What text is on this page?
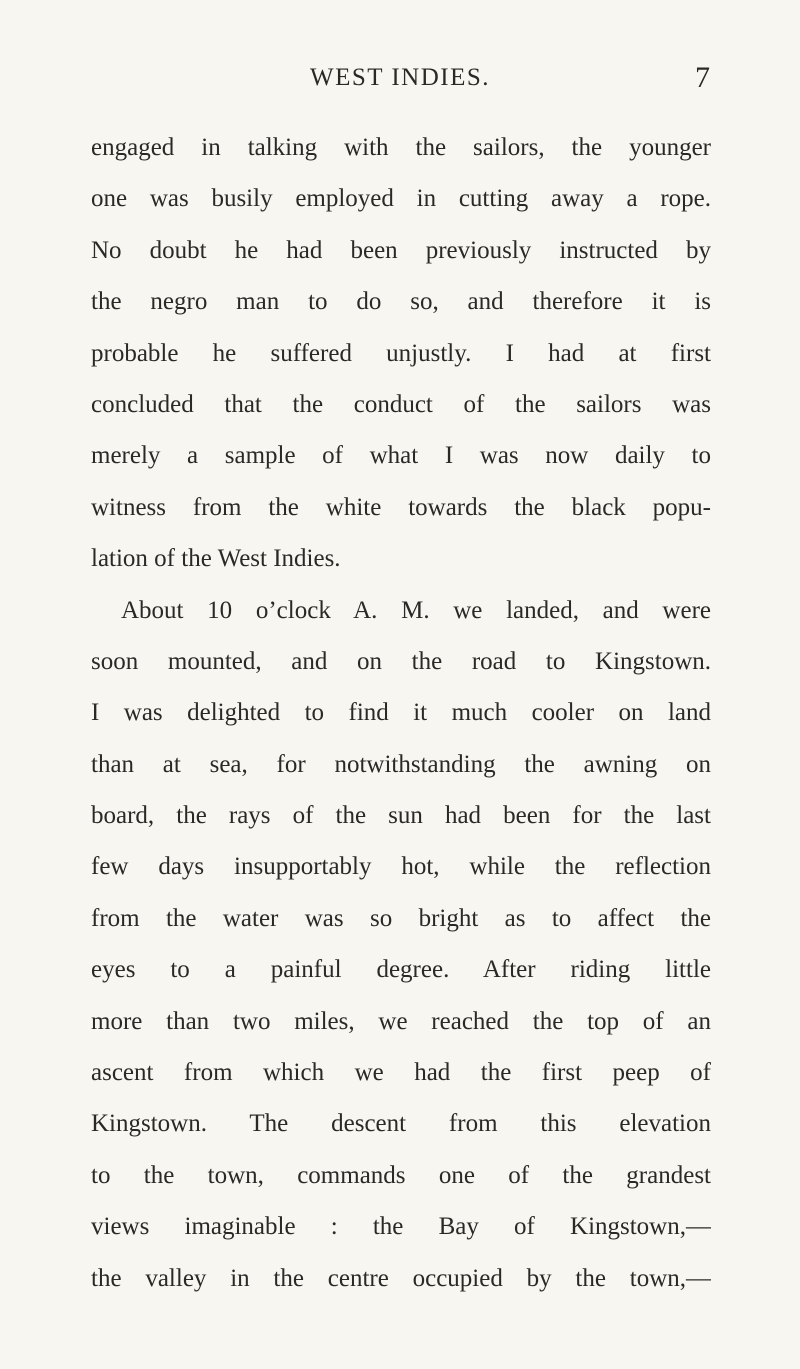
WEST INDIES.	7
engaged in talking with the sailors, the younger
one was busily employed in cutting away a rope.
No doubt he had been previously instructed by
the negro man to do so, and therefore it is
probable he suffered unjustly. I had at first
concluded that the conduct of the sailors was
merely a sample of what I was now daily to
witness from the white towards the black popu-
lation of the West Indies.
About 10 o’clock A. M. we landed, and were
soon mounted, and on the road to Kingstown.
I was delighted to find it much cooler on land
than at sea, for notwithstanding the awning on
board, the rays of the sun had been for the last
few days insupportably hot, while the reflection
from the water was so bright as to affect the
eyes to a painful degree. After riding little
more than two miles, we reached the top of an
ascent from which we had the first peep of
Kingstown. The descent from this elevation
to the town, commands one of the grandest
views imaginable : the Bay of Kingstown,—
the valley in the centre occupied by the town,—
